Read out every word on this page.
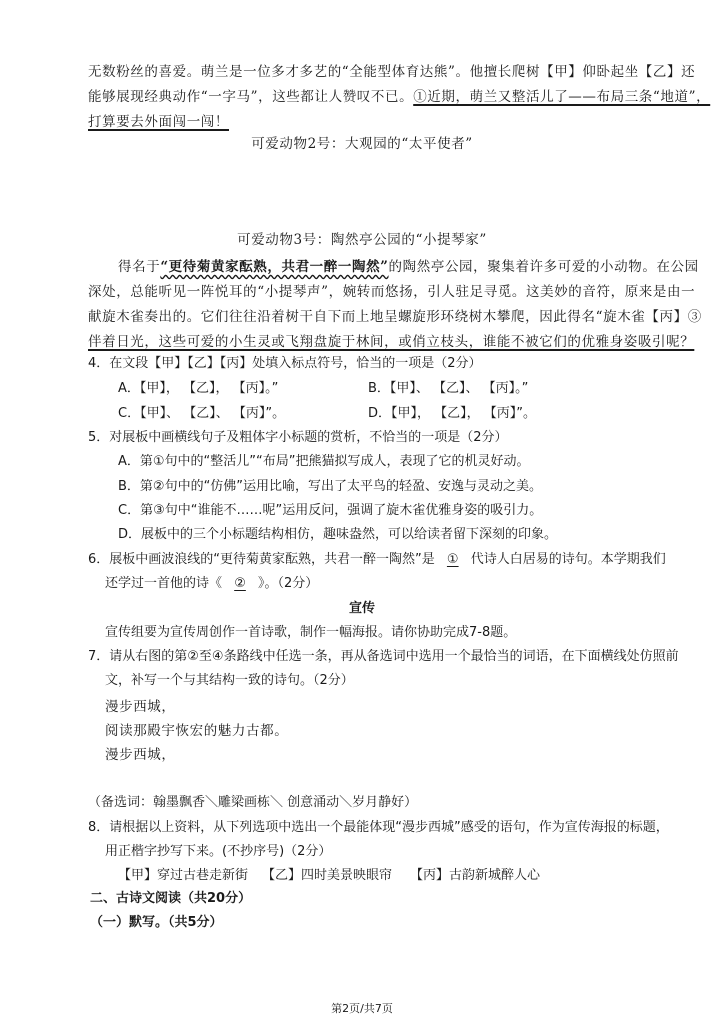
无数粉丝的喜爱。萌兰是一位多才多艺的“全能型体育达熊”。他擅长爬树【甲】仰卧起坐【乙】还
能够展现经典动作“一字马”，这些都让人赞叹不已。①近期，萌兰又整活儿了——布局三条“地道”，
打算要去外面闯一闯！
可爱动物2号：大观园的“太平使者”
可爱动物3号：陶然亭公园的“小提琴家”
得名于“更待菊黄家酝熟，共君一醉一陶然”的陶然亭公园，聚集着许多可爱的小动物。在公园
深处，总能听见一阵悦耳的“小提琴声”，婉转而悠扬，引人驻足寻觅。这美妙的音符，原来是由一
献旋木雀奏出的。它们往往沿着树干自下而上地呈螺旋形环绕树木攀爬，因此得名“旋木雀【丙】③
伴着日光，这些可爱的小生灵或飞翔盘旋于林间，或俏立枝头，谁能不被它们的优雅身姿吸引呢？
4．在文段【甲】【乙】【丙】处填入标点符号，恰当的一项是（2分）
A．【甲】， 【乙】， 【丙】。”	B．【甲】、 【乙】、 【丙】。”
C．【甲】、 【乙】、 【丙】”。	D．【甲】， 【乙】， 【丙】”。
5．对展板中画横线句子及粗体字小标题的赏析，不恰当的一项是（2分）
A．第①句中的“整活儿”“布局”把熊猫拟写成人，表现了它的机灵好动。
B．第②句中的“仿佛”运用比喻，写出了太平鸟的轻盈、安逸与灵动之美。
C．第③句中“谁能不……呢”运用反问，强调了旋木雀优雅身姿的吸引力。
D．展板中的三个小标题结构相仿，趣味盎然，可以给读者留下深刻的印象。
6．展板中画波浪线的“更待菊黄家酝熟，共君一醉一陶然”是 ① 代诗人白居易的诗句。本学期我们
还学过一首他的诗《 ② 》。（2分）
宣传
宣传组要为宣传周创作一首诗歌，制作一幅海报。请你协助完成7-8题。
7．请从右图的第②至④条路线中任选一条，再从备选词中选用一个最恰当的词语，在下面横线处仿照前
文，补写一个与其结构一致的诗句。（2分）
漫步西城，
阅读那殿宇恢宏的魅力古都。
漫步西城，
（备选词：翰墨飘香＼雕梁画栋＼ 创意涌动＼岁月静好）
8．请根据以上资料，从下列选项中选出一个最能体现“漫步西城”感受的语句，作为宣传海报的标题，
用正楷字抄写下来。(不抄序号)（2分）
【甲】穿过古巷走新街 【乙】四时美景映眼帘 【丙】古韵新城醉人心
二、古诗文阅读（共20分）
（一）默写。（共5分）
第2页/共7页
